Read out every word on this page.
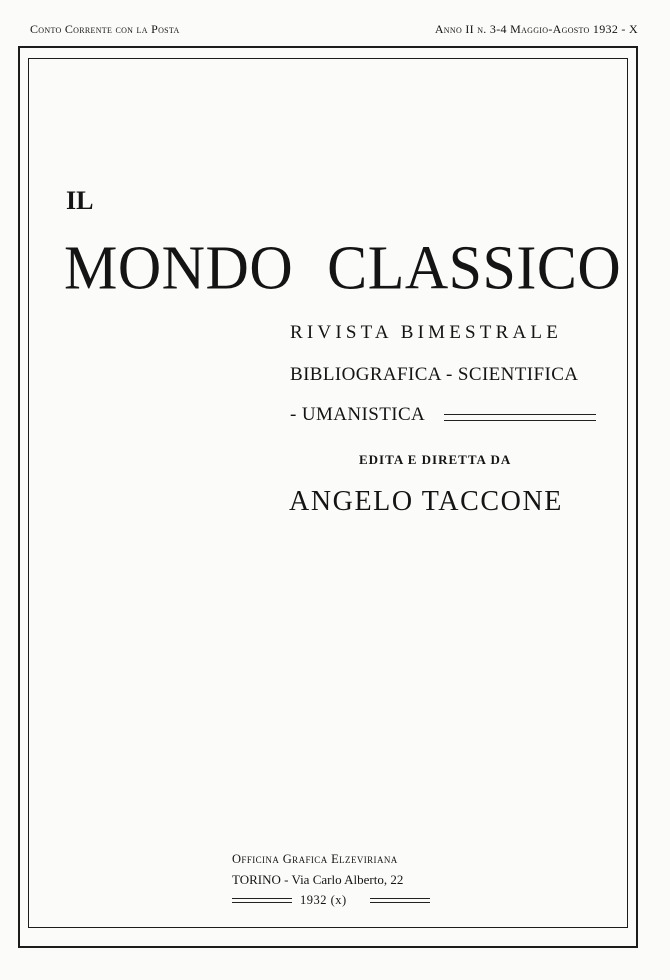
Conto Corrente con la Posta	Anno II n. 3-4 Maggio-Agosto 1932 - X
IL
MONDO CLASSICO
RIVISTA BIMESTRALE
BIBLIOGRAFICA - SCIENTIFICA
- UMANISTICA
EDITA E DIRETTA DA
ANGELO TACCONE
Officina Grafica Elzeviriana
TORINO - Via Carlo Alberto, 22
1932 (x)
